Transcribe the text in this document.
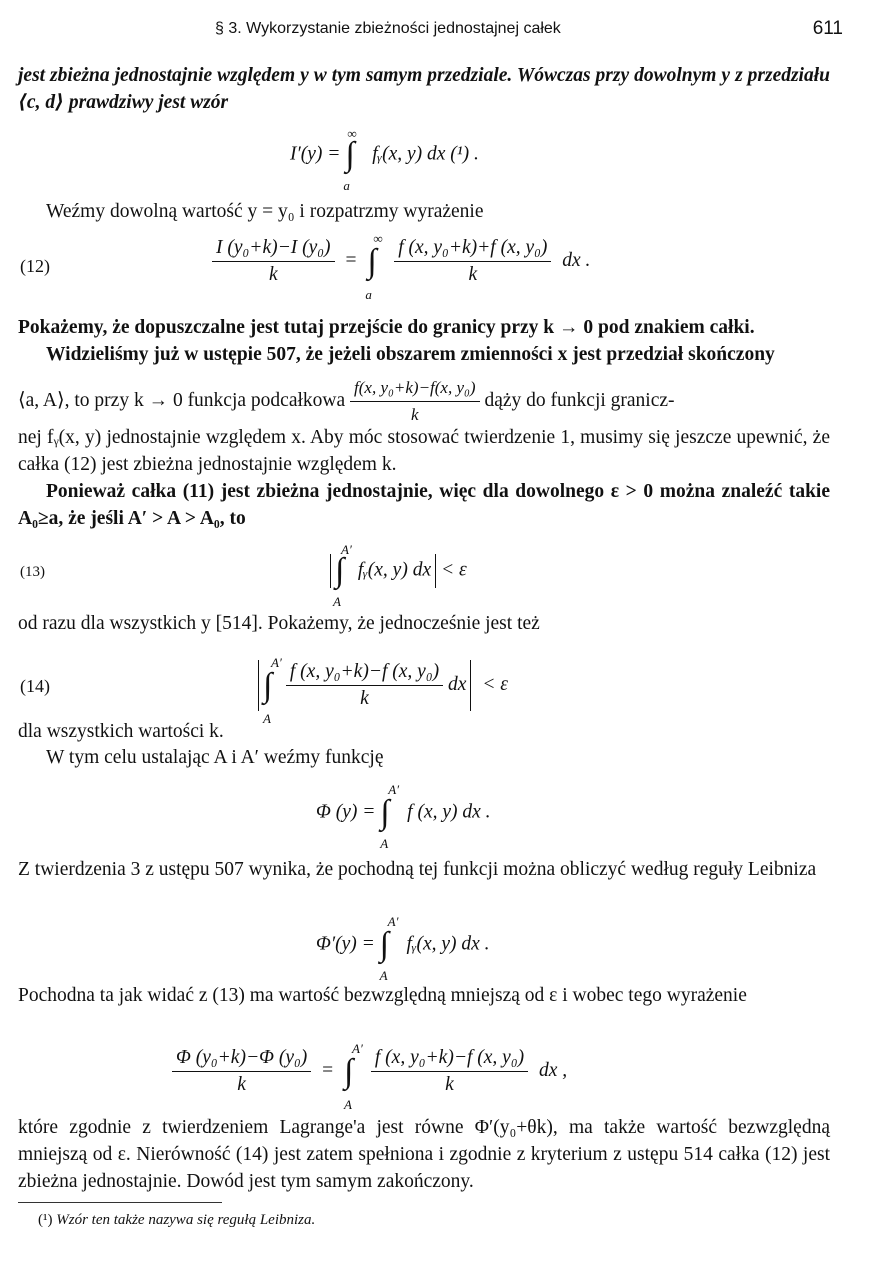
§ 3. Wykorzystanie zbieżności jednostajnej całek	611
jest zbieżna jednostajnie względem y w tym samym przedziale. Wówczas przy dowolnym y z przedziału ⟨c, d⟩ prawdziwy jest wzór
I′(y) =
∞
∫
a
fᵧ(x, y) dx (¹) .
Weźmy dowolną wartość y = y₀ i rozpatrzmy wyrażenie
(12)	$\frac{\text{I (y₀+k)−I (y₀)}}{k}$ =
∞
∫
a

$\frac{\text{f (x, y₀+k)+f (x, y₀)}}{k}$ dx .
Pokażemy, że dopuszczalne jest tutaj przejście do granicy przy k → 0 pod znakiem całki.
Widzieliśmy już w ustępie 507, że jeżeli obszarem zmienności x jest przedział skończony
⟨a, A⟩, to przy k → 0 funkcja podcałkowa $\frac{\text{f(x, y₀+k)−f(x, y₀)}}{k}$ dąży do funkcji granicz-
nej fᵧ(x, y) jednostajnie względem x. Aby móc stosować twierdzenie 1, musimy się jeszcze upewnić, że całka (12) jest zbieżna jednostajnie względem k.
Ponieważ całka (11) jest zbieżna jednostajnie, więc dla dowolnego ε > 0 można znaleźć takie A₀≥a, że jeśli A′ > A > A₀, to
(13)
A′
∫
A
fᵧ(x, y) dx < ε
od razu dla wszystkich y [514]. Pokażemy, że jednocześnie jest też
(14)
A′
∫
A

$\frac{\text{f (x, y₀+k)−f (x, y₀)}}{k}$ dx < ε
dla wszystkich wartości k.
W tym celu ustalając A i A′ weźmy funkcję
Φ (y) =
A′
∫
A
f (x, y) dx .
Z twierdzenia 3 z ustępu 507 wynika, że pochodną tej funkcji można obliczyć według reguły Leibniza
Φ′(y) =
A′
∫
A
fᵧ(x, y) dx .
Pochodna ta jak widać z (13) ma wartość bezwzględną mniejszą od ε i wobec tego wyrażenie
$\frac{\text{Φ (y₀+k)−Φ (y₀)}}{k}$ =
A′
∫
A

$\frac{\text{f (x, y₀+k)−f (x, y₀)}}{k}$ dx ,
które zgodnie z twierdzeniem Lagrange'a jest równe Φ′(y₀+θk), ma także wartość bezwzględną mniejszą od ε. Nierówność (14) jest zatem spełniona i zgodnie z kryterium z ustępu 514 całka (12) jest zbieżna jednostajnie. Dowód jest tym samym zakończony.
(¹) Wzór ten także nazywa się regułą Leibniza.
